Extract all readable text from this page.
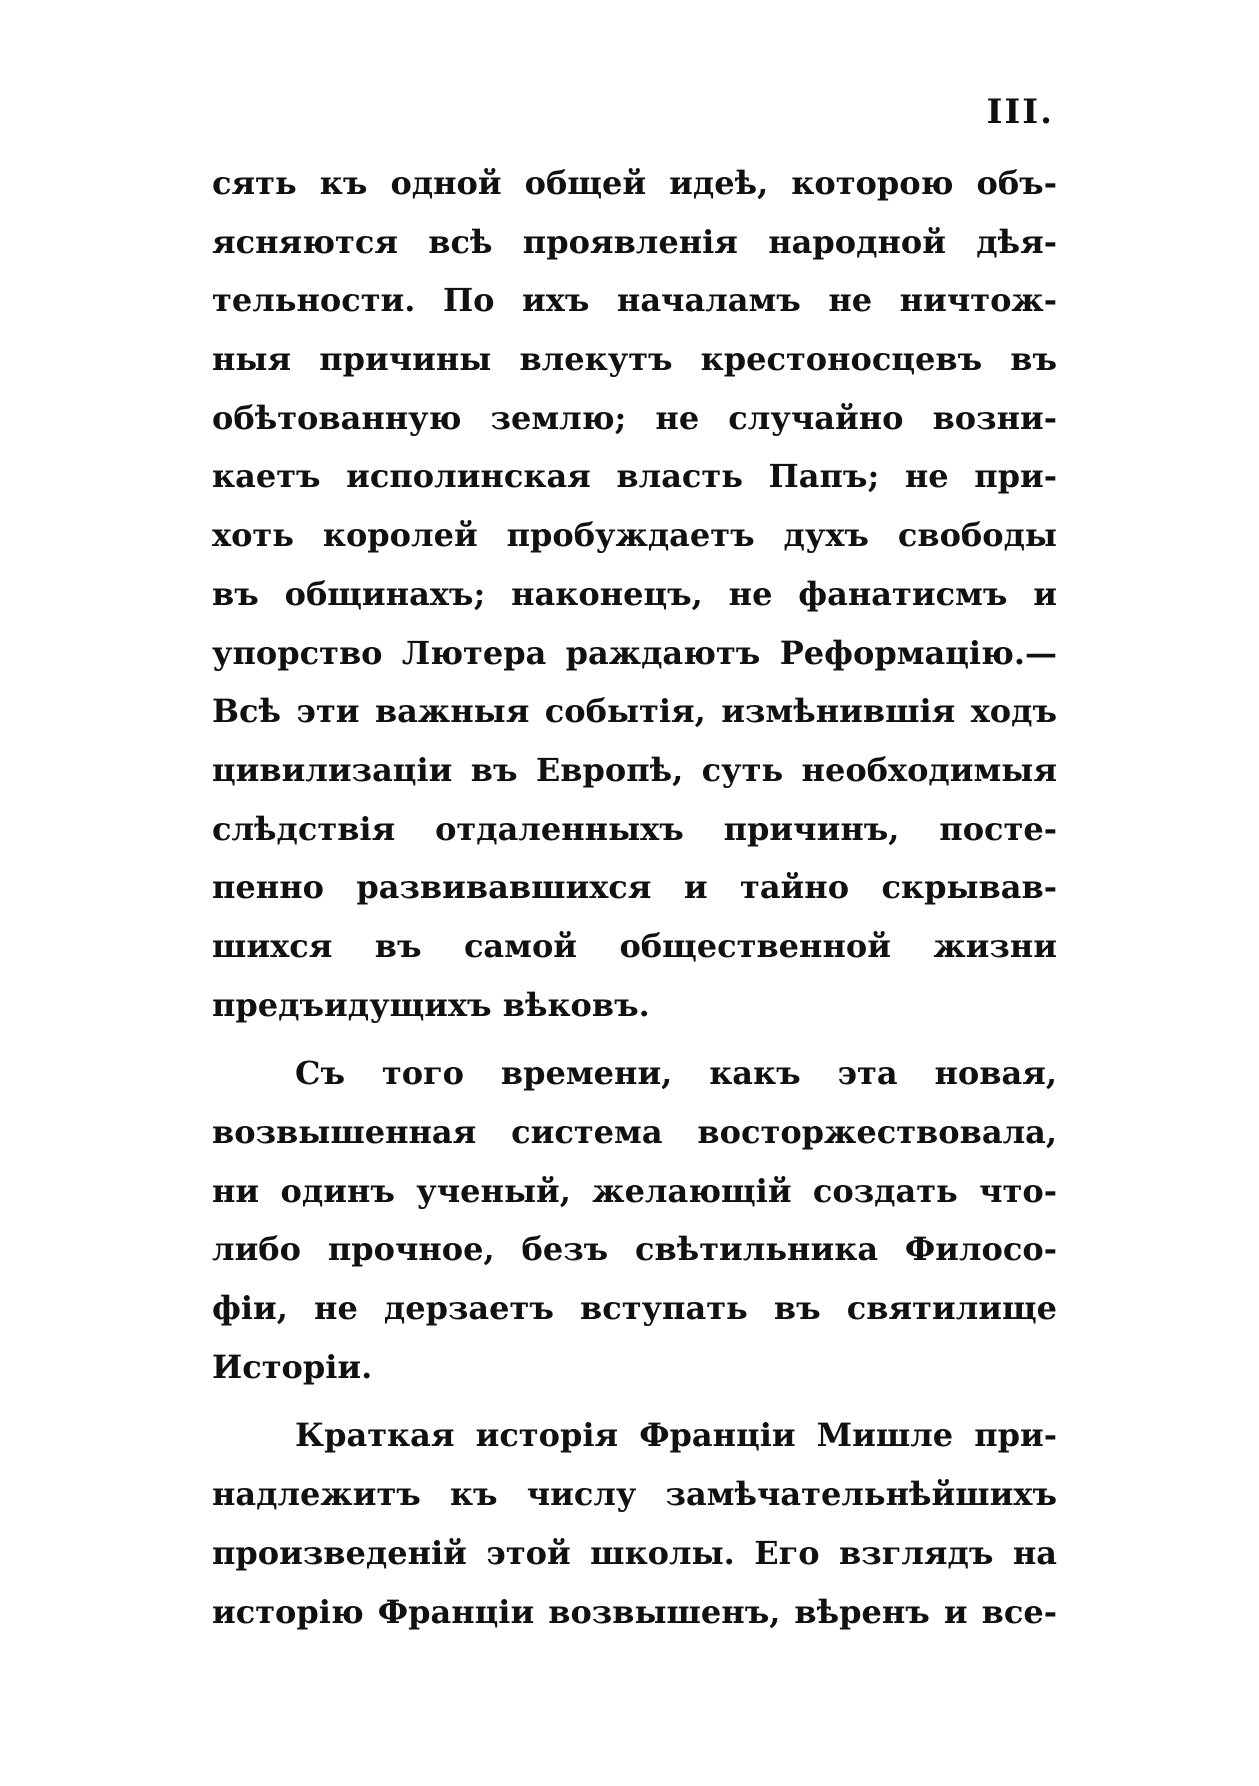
III.
сять къ одной общей идеѣ, которою объ-
ясняются всѣ проявленія народной дѣя-
тельности. По ихъ началамъ не ничтож-
ныя причины влекутъ крестоносцевъ въ
обѣтованную землю; не случайно возни-
каетъ исполинская власть Папъ; не при-
хоть королей пробуждаетъ духъ свободы
въ общинахъ; наконецъ, не фанатисмъ и
упорство Лютера раждаютъ Реформацію.—
Всѣ эти важныя событія, измѣнившія ходъ
цивилизаціи въ Европѣ, суть необходимыя
слѣдствія отдаленныхъ причинъ, посте-
пенно развивавшихся и тайно скрывав-
шихся въ самой общественной жизни
предъидущихъ вѣковъ.
Съ того времени, какъ эта новая,
возвышенная система восторжествовала,
ни одинъ ученый, желающій создать что-
либо прочное, безъ свѣтильника Филосо-
фіи, не дерзаетъ вступать въ святилище
Исторіи.
Краткая исторія Франціи Мишле при-
надлежитъ къ числу замѣчательнѣйшихъ
произведеній этой школы. Его взглядъ на
исторію Франціи возвышенъ, вѣренъ и все-
